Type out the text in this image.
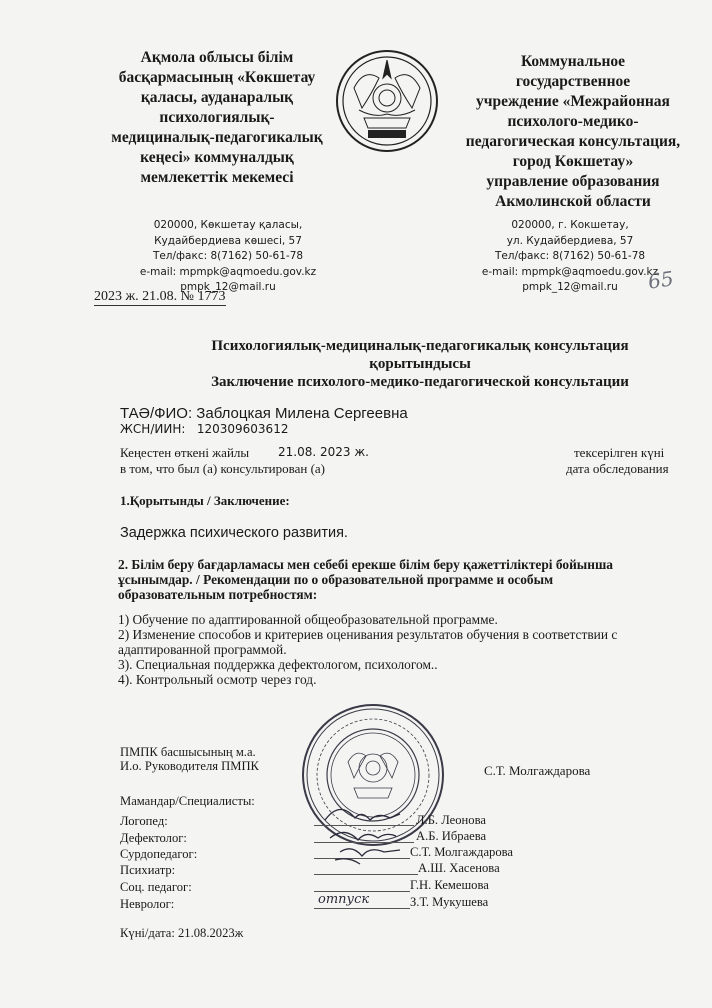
Ақмола облысы білім
басқармасының «Көкшетау
қаласы, ауданаралық
психологиялық-
медициналық-педагогикалық
кеңесі» коммуналдық
мемлекеттік мекемесі
Коммунальное
государственное
учреждение «Межрайонная
психолого-медико-
педагогическая консультация,
город Көкшетау»
управление образования
Акмолинской области
020000, Көкшетау қаласы,
Кудайбердиева көшесі, 57
Тел/факс: 8(7162) 50-61-78
e-mail: mpmpk@aqmoedu.gov.kz
pmpk_12@mail.ru
020000, г. Кокшетау,
ул. Кудайбердиева, 57
Тел/факс: 8(7162) 50-61-78
e-mail: mpmpk@aqmoedu.gov.kz
pmpk_12@mail.ru
2023 ж. 21.08. № 1773
65
Психологиялық-медициналық-педагогикалық консультация
қорытындысы
Заключение психолого-медико-педагогической консультации
ТАӘ/ФИО: Заблоцкая Милена Сергеевна
ЖСН/ИИН: 120309603612
Кеңестен өткені жайлы 21.08. 2023 ж.
в том, что был (а) консультирован (а)
тексерілген күні
дата обследования
1.Қорытынды / Заключение:
Задержка психического развития.
2. Білім беру бағдарламасы мен себебі ерекше білім беру қажеттіліктері бойынша
ұсынымдар. / Рекомендации по о образовательной программе и особым
образовательным потребностям:
1) Обучение по адаптированной общеобразовательной программе.
2) Изменение способов и критериев оценивания результатов обучения в соответствии с
адаптированной программой.
3). Специальная поддержка дефектологом, психологом..
4). Контрольный осмотр через год.
ПМПК басшысының м.а.
И.о. Руководителя ПМПК	С.Т. Молгаждарова
Мамандар/Специалисты:
Логопед:
Дефектолог:
Сурдопедагог:
Психиатр:
Соц. педагог:
Невролог:
Л.Б. Леонова
А.Б. Ибраева
С.Т. Молгаждарова
А.Ш. Хасенова
Г.Н. Кемешова
З.Т. Мукушева
отпуск
Күні/дата: 21.08.2023ж
